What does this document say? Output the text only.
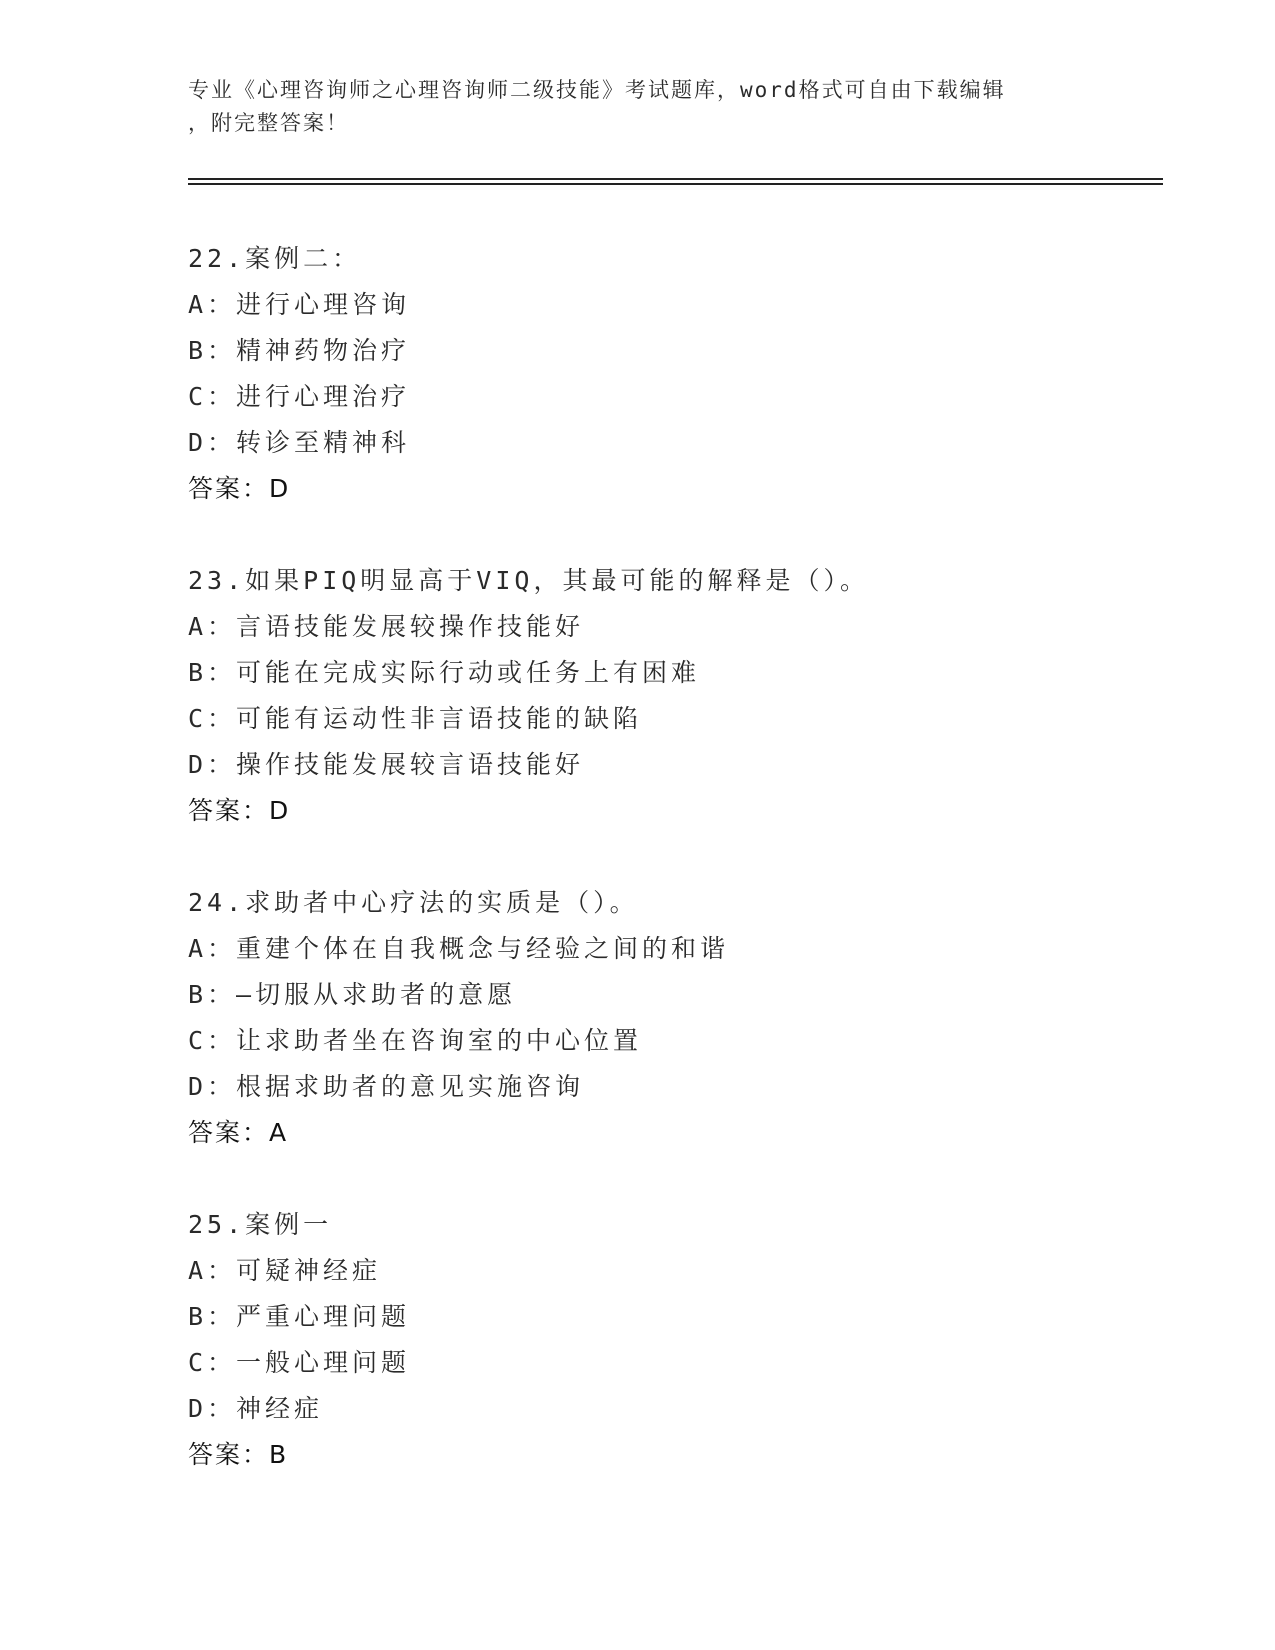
专业《心理咨询师之心理咨询师二级技能》考试题库，word格式可自由下载编辑
，附完整答案！
22.案例二：
A：进行心理咨询
B：精神药物治疗
C：进行心理治疗
D：转诊至精神科
答案：D
23.如果PIQ明显高于VIQ，其最可能的解释是（）。
A：言语技能发展较操作技能好
B：可能在完成实际行动或任务上有困难
C：可能有运动性非言语技能的缺陷
D：操作技能发展较言语技能好
答案：D
24.求助者中心疗法的实质是（）。
A：重建个体在自我概念与经验之间的和谐
B：—切服从求助者的意愿
C：让求助者坐在咨询室的中心位置
D：根据求助者的意见实施咨询
答案：A
25.案例一
A：可疑神经症
B：严重心理问题
C：一般心理问题
D：神经症
答案：B
